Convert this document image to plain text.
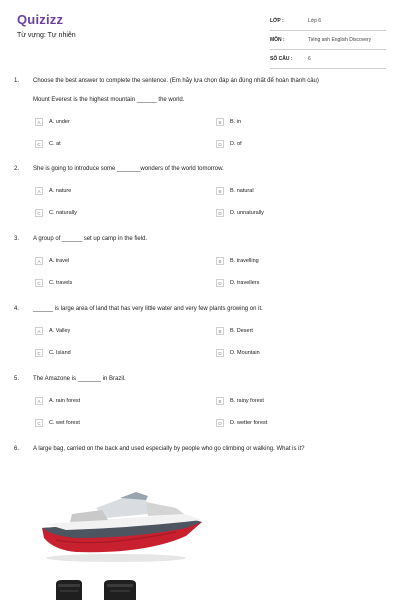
Quizizz
Từ vựng: Tự nhiên
LỚP :	Lớp 6
MÔN :	Tiếng anh English Discovery
SỐ CÂU :	6
1. Choose the best answer to complete the sentence. (Em hãy lựa chọn đáp án đúng nhất để hoàn thành câu)
Mount Everest is the highest mountain ______ the world.
A	A. under	B	B. in
C	C. at	D	D. of
2. She is going to introduce some _______wonders of the world tomorrow.
A	A. nature	B	B. natural
C	C. naturally	D	D. unnaturally
3. A group of ______ set up camp in the field.
A	A. travel	B	B. travelling
C	C. travels	D	D. travellers
4. ______ is large area of land that has very little water and very few plants growing on it.
A	A. Valley	B	B. Desert
C	C. Island	D	D. Mountain
5. The Amazone is _______ in Brazil.
A	A. rain forest	B	B. rainy forest
C	C. wet forest	D	D. wetter forest
6. A large bag, carried on the back and used especially by people who go climbing or walking. What is it?
